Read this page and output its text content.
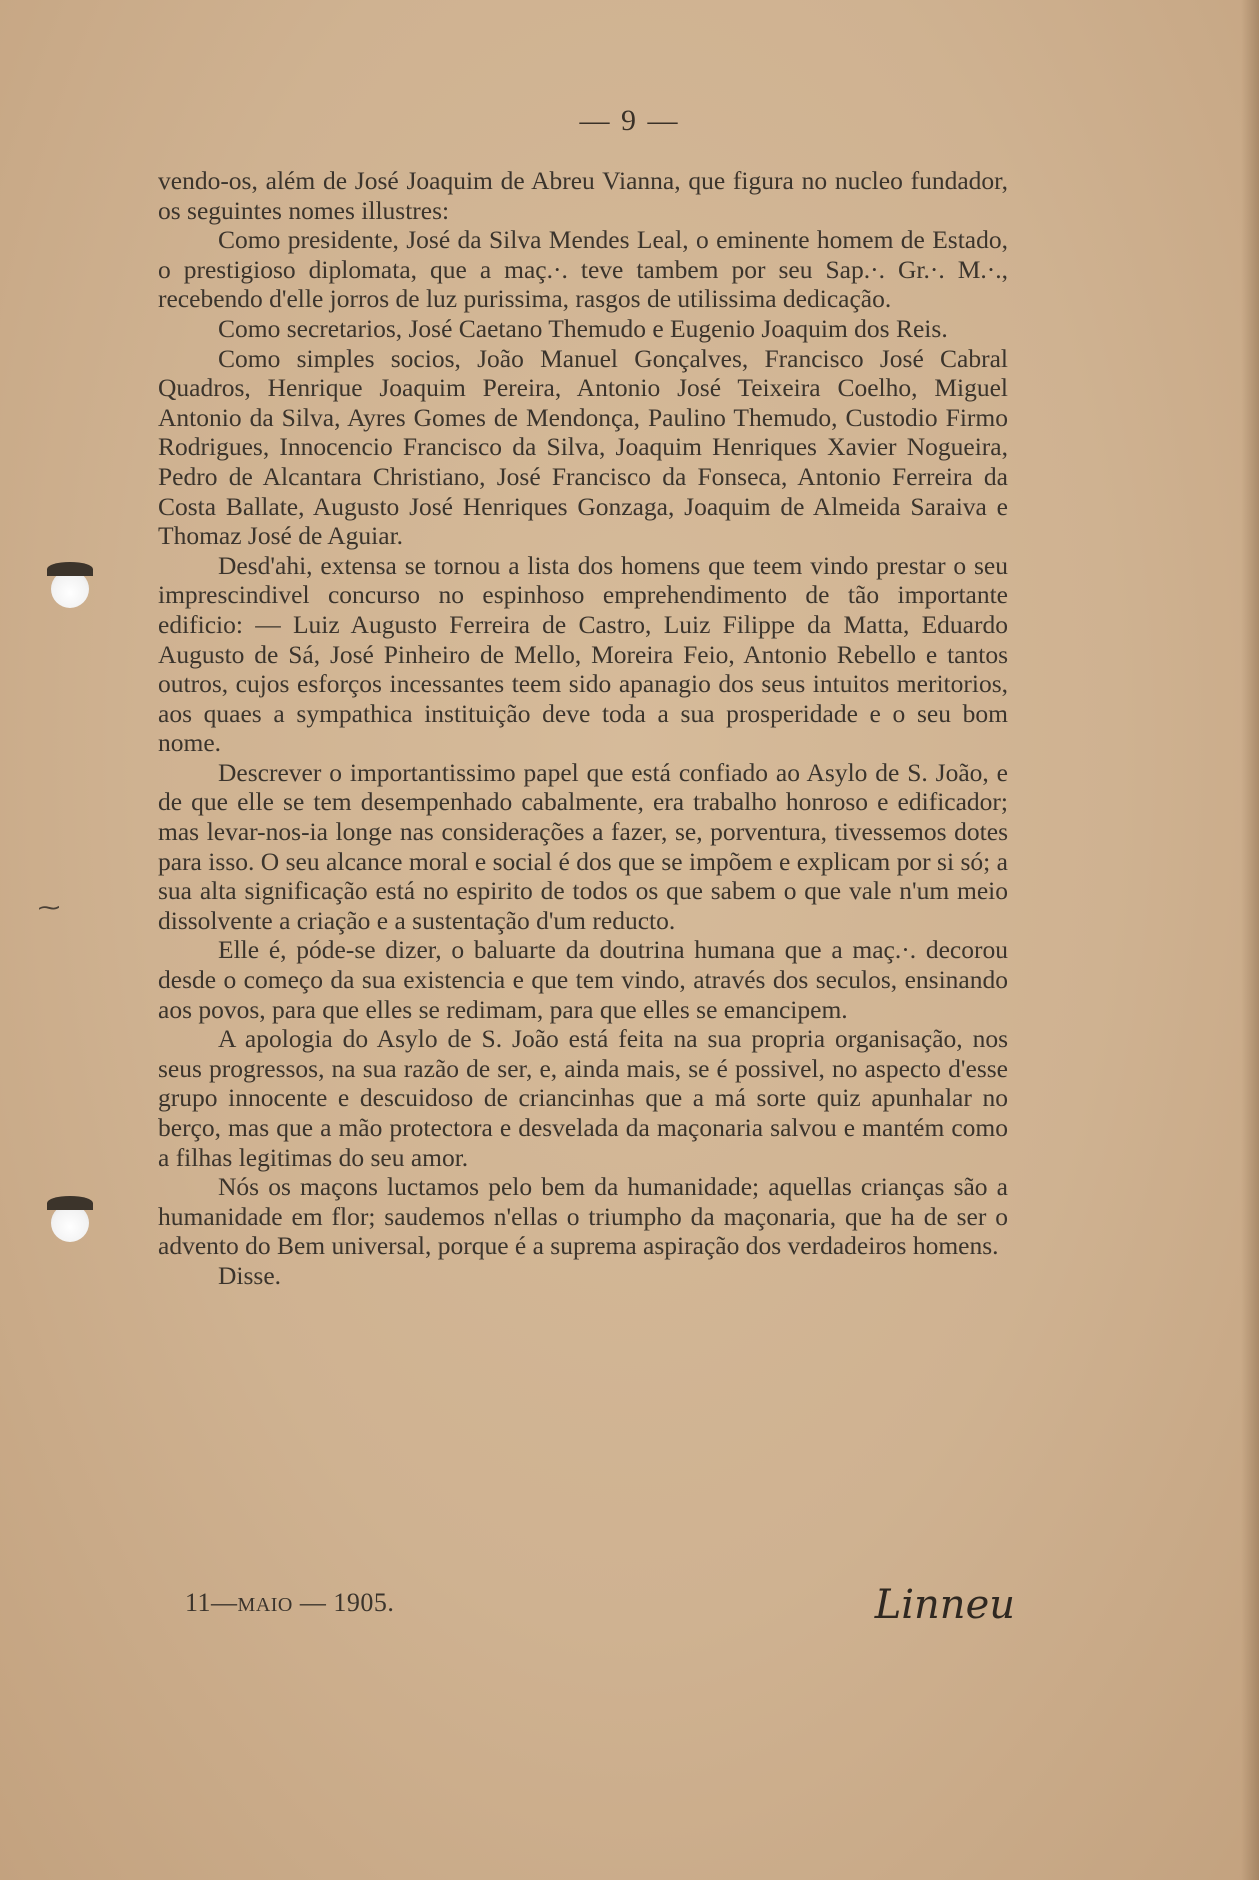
— 9 —

vendo-os, além de José Joaquim de Abreu Vianna, que figura no nucleo fundador, os seguintes nomes illustres:

Como presidente, José da Silva Mendes Leal, o eminente homem de Estado, o prestigioso diplomata, que a maç.·. teve tambem por seu Sap.·. Gr.·. M.·., recebendo d'elle jorros de luz purissima, rasgos de utilissima dedicação.

Como secretarios, José Caetano Themudo e Eugenio Joaquim dos Reis.

Como simples socios, João Manuel Gonçalves, Francisco José Cabral Quadros, Henrique Joaquim Pereira, Antonio José Teixeira Coelho, Miguel Antonio da Silva, Ayres Gomes de Mendonça, Paulino Themudo, Custodio Firmo Rodrigues, Innocencio Francisco da Silva, Joaquim Henriques Xavier Nogueira, Pedro de Alcantara Christiano, José Francisco da Fonseca, Antonio Ferreira da Costa Ballate, Augusto José Henriques Gonzaga, Joaquim de Almeida Saraiva e Thomaz José de Aguiar.

Desd'ahi, extensa se tornou a lista dos homens que teem vindo prestar o seu imprescindivel concurso no espinhoso emprehendimento de tão importante edificio: — Luiz Augusto Ferreira de Castro, Luiz Filippe da Matta, Eduardo Augusto de Sá, José Pinheiro de Mello, Moreira Feio, Antonio Rebello e tantos outros, cujos esforços incessantes teem sido apanagio dos seus intuitos meritorios, aos quaes a sympathica instituição deve toda a sua prosperidade e o seu bom nome.

Descrever o importantissimo papel que está confiado ao Asylo de S. João, e de que elle se tem desempenhado cabalmente, era trabalho honroso e edificador; mas levar-nos-ia longe nas considerações a fazer, se, porventura, tivessemos dotes para isso. O seu alcance moral e social é dos que se impõem e explicam por si só; a sua alta significação está no espirito de todos os que sabem o que vale n'um meio dissolvente a criação e a sustentação d'um reducto.

Elle é, póde-se dizer, o baluarte da doutrina humana que a maç.·. decorou desde o começo da sua existencia e que tem vindo, através dos seculos, ensinando aos povos, para que elles se redimam, para que elles se emancipem.

A apologia do Asylo de S. João está feita na sua propria organisação, nos seus progressos, na sua razão de ser, e, ainda mais, se é possivel, no aspecto d'esse grupo innocente e descuidoso de criancinhas que a má sorte quiz apunhalar no berço, mas que a mão protectora e desvelada da maçonaria salvou e mantém como a filhas legitimas do seu amor.

Nós os maçons luctamos pelo bem da humanidade; aquellas crianças são a humanidade em flor; saudemos n'ellas o triumpho da maçonaria, que ha de ser o advento do Bem universal, porque é a suprema aspiração dos verdadeiros homens.

Disse.

11—MAIO — 1905.	Linneu
⁓
